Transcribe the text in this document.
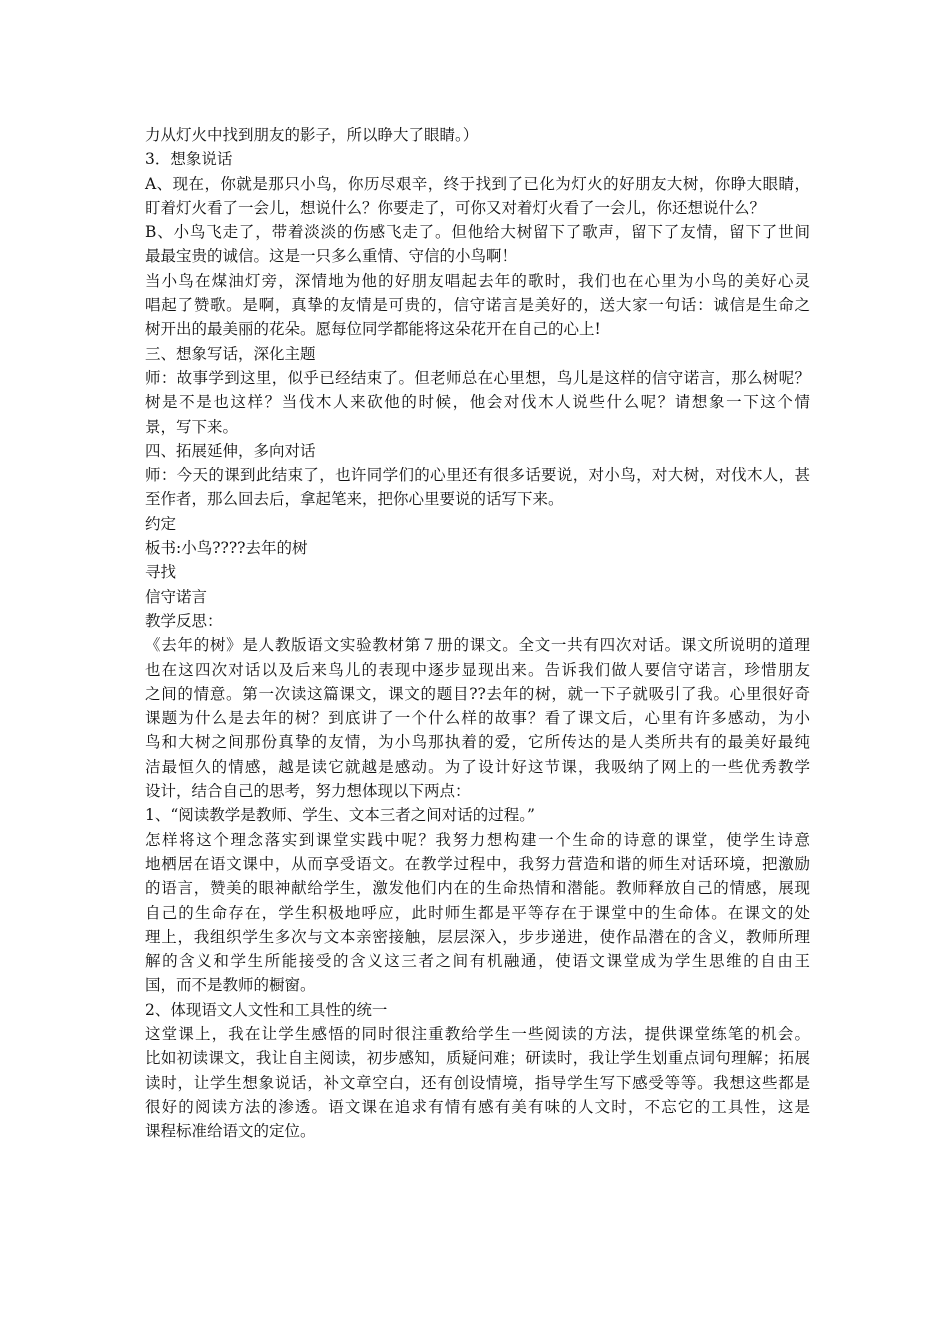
力从灯火中找到朋友的影子，所以睁大了眼睛。）
3．想象说话
A、现在，你就是那只小鸟，你历尽艰辛，终于找到了已化为灯火的好朋友大树，你睁大眼睛，
盯着灯火看了一会儿，想说什么？你要走了，可你又对着灯火看了一会儿，你还想说什么？
B、小鸟飞走了，带着淡淡的伤感飞走了。但他给大树留下了歌声，留下了友情，留下了世间
最最宝贵的诚信。这是一只多么重情、守信的小鸟啊！
当小鸟在煤油灯旁，深情地为他的好朋友唱起去年的歌时，我们也在心里为小鸟的美好心灵
唱起了赞歌。是啊，真挚的友情是可贵的，信守诺言是美好的，送大家一句话：诚信是生命之
树开出的最美丽的花朵。愿每位同学都能将这朵花开在自己的心上!
三、想象写话，深化主题
师：故事学到这里，似乎已经结束了。但老师总在心里想，鸟儿是这样的信守诺言，那么树呢？
树是不是也这样？当伐木人来砍他的时候，他会对伐木人说些什么呢？请想象一下这个情
景，写下来。
四、拓展延伸，多向对话
师：今天的课到此结束了，也许同学们的心里还有很多话要说，对小鸟，对大树，对伐木人，甚
至作者，那么回去后，拿起笔来，把你心里要说的话写下来。
约定
板书:小鸟????去年的树
寻找
信守诺言
教学反思：
《去年的树》是人教版语文实验教材第７册的课文。全文一共有四次对话。课文所说明的道理
也在这四次对话以及后来鸟儿的表现中逐步显现出来。告诉我们做人要信守诺言，珍惜朋友
之间的情意。第一次读这篇课文，课文的题目??去年的树，就一下子就吸引了我。心里很好奇
课题为什么是去年的树？到底讲了一个什么样的故事？看了课文后，心里有许多感动，为小
鸟和大树之间那份真挚的友情，为小鸟那执着的爱，它所传达的是人类所共有的最美好最纯
洁最恒久的情感，越是读它就越是感动。为了设计好这节课，我吸纳了网上的一些优秀教学
设计，结合自己的思考，努力想体现以下两点：
1、“阅读教学是教师、学生、文本三者之间对话的过程。”
怎样将这个理念落实到课堂实践中呢？我努力想构建一个生命的诗意的课堂，使学生诗意
地栖居在语文课中，从而享受语文。在教学过程中，我努力营造和谐的师生对话环境，把激励
的语言，赞美的眼神献给学生，激发他们内在的生命热情和潜能。教师释放自己的情感，展现
自己的生命存在，学生积极地呼应，此时师生都是平等存在于课堂中的生命体。在课文的处
理上，我组织学生多次与文本亲密接触，层层深入，步步递进，使作品潜在的含义，教师所理
解的含义和学生所能接受的含义这三者之间有机融通，使语文课堂成为学生思维的自由王
国，而不是教师的橱窗。
2、体现语文人文性和工具性的统一
这堂课上，我在让学生感悟的同时很注重教给学生一些阅读的方法，提供课堂练笔的机会。
比如初读课文，我让自主阅读，初步感知，质疑问难；研读时，我让学生划重点词句理解；拓展
读时，让学生想象说话，补文章空白，还有创设情境，指导学生写下感受等等。我想这些都是
很好的阅读方法的渗透。语文课在追求有情有感有美有味的人文时，不忘它的工具性，这是
课程标准给语文的定位。
